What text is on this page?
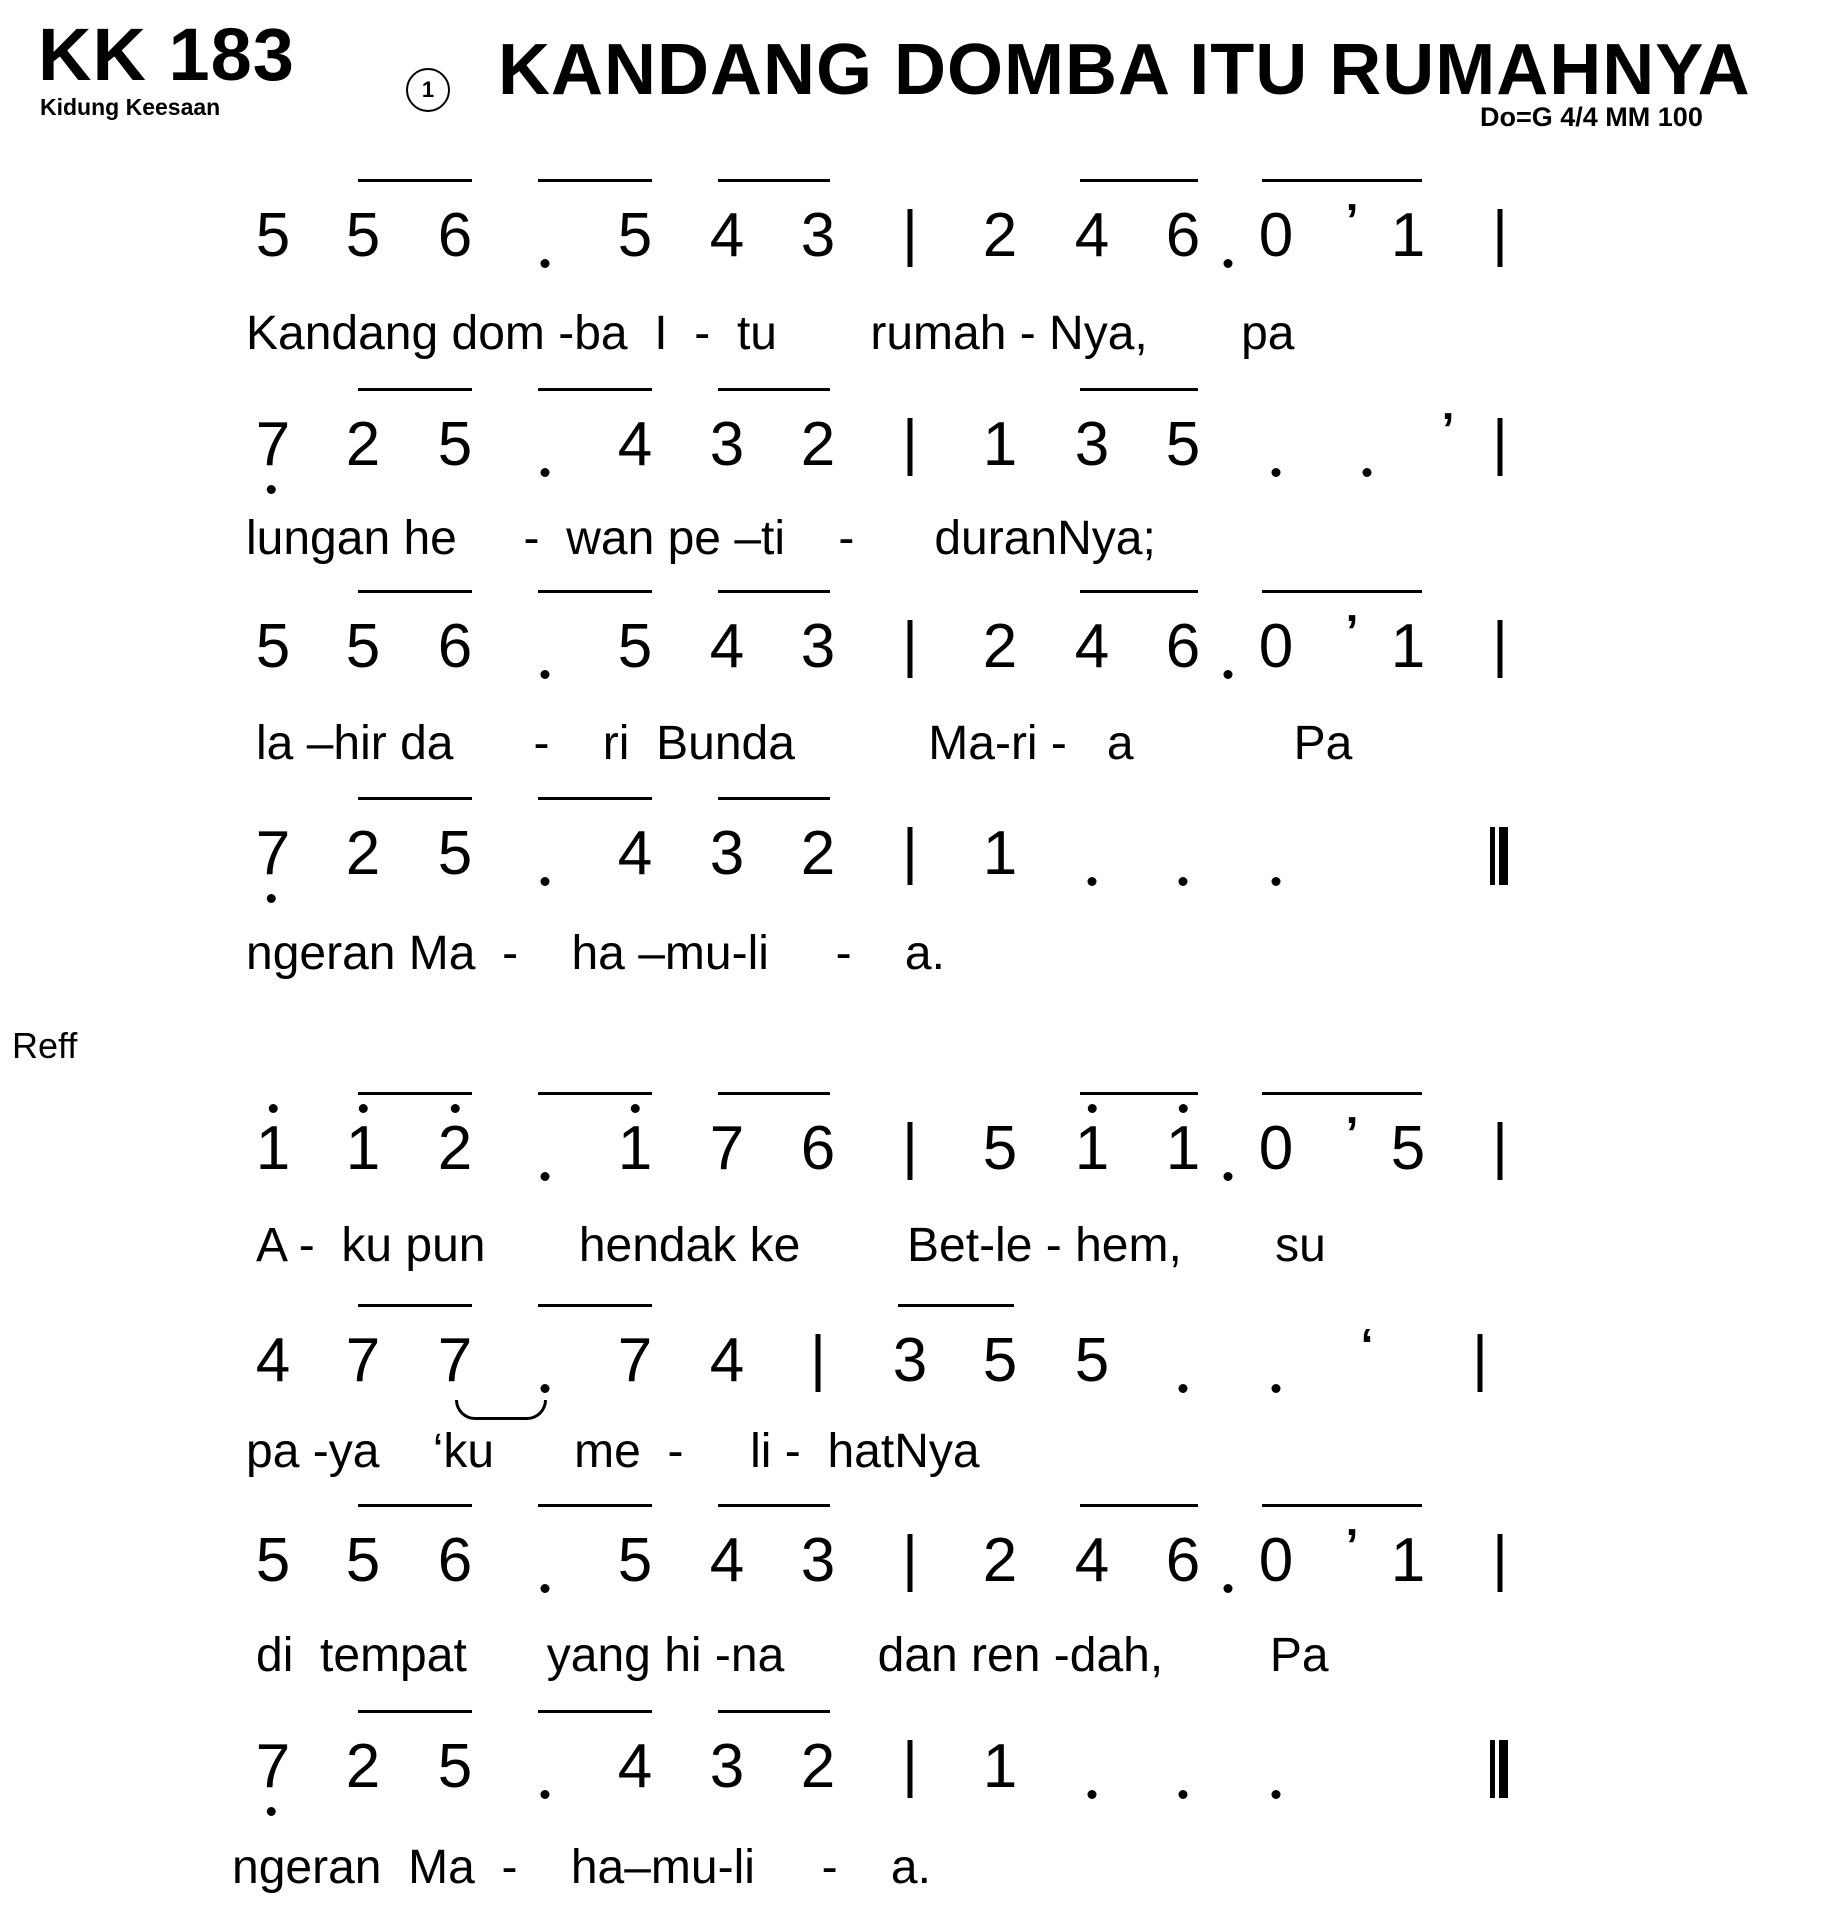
KK 183
Kidung Keesaan
1 KANDANG DOMBA ITU RUMAHNYA
Do=G 4/4 MM 100
Reff
5 5 6 5 4 3 2 4 6 0 ’ 1
7 2 5 4 3 2 1 3 5	’
5 5 6 5 4 3 2 4 6 0 ’ 1
7 2 5 4 3 2 1
1 1 2 1 7 6 5 1 1 0 ’ 5
4 7 7 7 4 3 5 5	‘
5 5 6 5 4 3 2 4 6 0 ’ 1
7 2 5 4 3 2 1
Kandang dom -ba  I  -  tu       rumah - Nya,       pa
lungan he     -  wan pe –ti    -      duranNya;
la –hir da      -    ri  Bunda          Ma-ri -   a            Pa
ngeran Ma  -    ha –mu-li     -    a.
A -  ku pun       hendak ke        Bet-le - hem,       su
pa -ya    ‘ku      me  -     li -  hatNya
di  tempat      yang hi -na       dan ren -dah,        Pa
ngeran  Ma  -    ha–mu-li     -    a.
